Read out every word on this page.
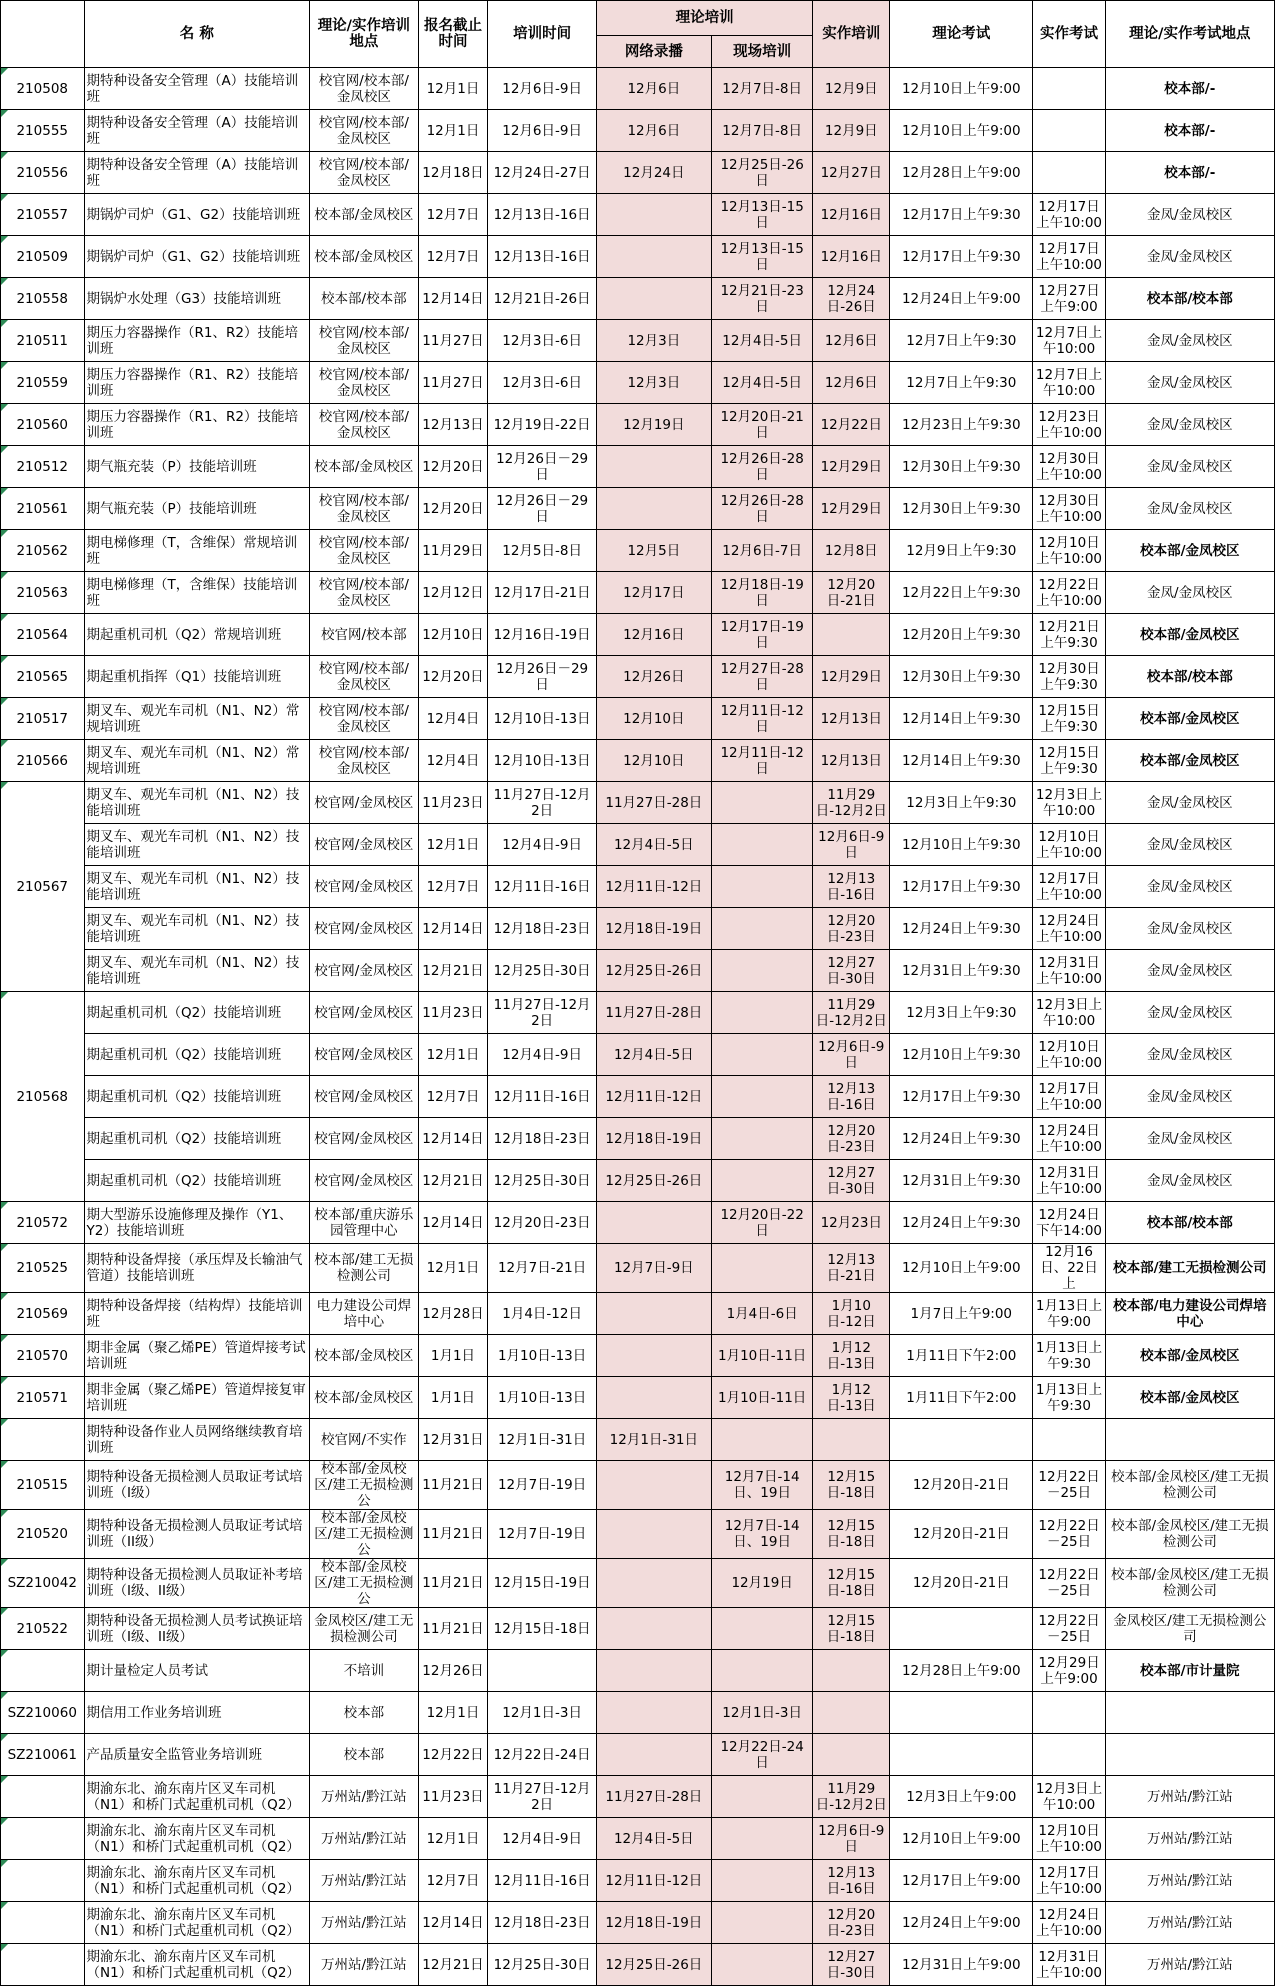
	名 称	理论/实作培训地点	报名截止时间	培训时间	理论培训		实作培训	理论考试	实作考试	理论/实作考试地点
					网络录播	现场培训				
210508	期特种设备安全管理（A）技能培训班	校官网/校本部/金凤校区	12月1日	12月6日-9日	12月6日	12月7日-8日	12月9日	12月10日上午9:00		校本部/-
210555	期特种设备安全管理（A）技能培训班	校官网/校本部/金凤校区	12月1日	12月6日-9日	12月6日	12月7日-8日	12月9日	12月10日上午9:00		校本部/-
210556	期特种设备安全管理（A）技能培训班	校官网/校本部/金凤校区	12月18日	12月24日-27日	12月24日	12月25日-26日	12月27日	12月28日上午9:00		校本部/-
210557	期锅炉司炉（G1、G2）技能培训班	校本部/金凤校区	12月7日	12月13日-16日		12月13日-15日	12月16日	12月17日上午9:30	12月17日上午10:00	金凤/金凤校区
210509	期锅炉司炉（G1、G2）技能培训班	校本部/金凤校区	12月7日	12月13日-16日		12月13日-15日	12月16日	12月17日上午9:30	12月17日上午10:00	金凤/金凤校区
210558	期锅炉水处理（G3）技能培训班	校本部/校本部	12月14日	12月21日-26日		12月21日-23日	12月24日-26日	12月24日上午9:00	12月27日上午9:00	校本部/校本部
210511	期压力容器操作（R1、R2）技能培训班	校官网/校本部/金凤校区	11月27日	12月3日-6日	12月3日	12月4日-5日	12月6日	12月7日上午9:30	12月7日上午10:00	金凤/金凤校区
210559	期压力容器操作（R1、R2）技能培训班	校官网/校本部/金凤校区	11月27日	12月3日-6日	12月3日	12月4日-5日	12月6日	12月7日上午9:30	12月7日上午10:00	金凤/金凤校区
210560	期压力容器操作（R1、R2）技能培训班	校官网/校本部/金凤校区	12月13日	12月19日-22日	12月19日	12月20日-21日	12月22日	12月23日上午9:30	12月23日上午10:00	金凤/金凤校区
210512	期气瓶充装（P）技能培训班	校本部/金凤校区	12月20日	12月26日－29日		12月26日-28日	12月29日	12月30日上午9:30	12月30日上午10:00	金凤/金凤校区
210561	期气瓶充装（P）技能培训班	校官网/校本部/金凤校区	12月20日	12月26日－29日		12月26日-28日	12月29日	12月30日上午9:30	12月30日上午10:00	金凤/金凤校区
210562	期电梯修理（T，含维保）常规培训班	校官网/校本部/金凤校区	11月29日	12月5日-8日	12月5日	12月6日-7日	12月8日	12月9日上午9:30	12月10日上午10:00	校本部/金凤校区
210563	期电梯修理（T，含维保）技能培训班	校官网/校本部/金凤校区	12月12日	12月17日-21日	12月17日	12月18日-19日	12月20日-21日	12月22日上午9:30	12月22日上午10:00	金凤/金凤校区
210564	期起重机司机（Q2）常规培训班	校官网/校本部	12月10日	12月16日-19日	12月16日	12月17日-19日		12月20日上午9:30	12月21日上午9:30	校本部/金凤校区
210565	期起重机指挥（Q1）技能培训班	校官网/校本部/金凤校区	12月20日	12月26日－29日	12月26日	12月27日-28日	12月29日	12月30日上午9:30	12月30日上午9:30	校本部/校本部
210517	期叉车、观光车司机（N1、N2）常规培训班	校官网/校本部/金凤校区	12月4日	12月10日-13日	12月10日	12月11日-12日	12月13日	12月14日上午9:30	12月15日上午9:30	校本部/金凤校区
210566	期叉车、观光车司机（N1、N2）常规培训班	校官网/校本部/金凤校区	12月4日	12月10日-13日	12月10日	12月11日-12日	12月13日	12月14日上午9:30	12月15日上午9:30	校本部/金凤校区
210567	期叉车、观光车司机（N1、N2）技能培训班	校官网/金凤校区	11月23日	11月27日-12月2日	11月27日-28日		11月29日-12月2日	12月3日上午9:30	12月3日上午10:00	金凤/金凤校区
	期叉车、观光车司机（N1、N2）技能培训班	校官网/金凤校区	12月1日	12月4日-9日	12月4日-5日		12月6日-9日	12月10日上午9:30	12月10日上午10:00	金凤/金凤校区
	期叉车、观光车司机（N1、N2）技能培训班	校官网/金凤校区	12月7日	12月11日-16日	12月11日-12日		12月13日-16日	12月17日上午9:30	12月17日上午10:00	金凤/金凤校区
	期叉车、观光车司机（N1、N2）技能培训班	校官网/金凤校区	12月14日	12月18日-23日	12月18日-19日		12月20日-23日	12月24日上午9:30	12月24日上午10:00	金凤/金凤校区
	期叉车、观光车司机（N1、N2）技能培训班	校官网/金凤校区	12月21日	12月25日-30日	12月25日-26日		12月27日-30日	12月31日上午9:30	12月31日上午10:00	金凤/金凤校区
210568	期起重机司机（Q2）技能培训班	校官网/金凤校区	11月23日	11月27日-12月2日	11月27日-28日		11月29日-12月2日	12月3日上午9:30	12月3日上午10:00	金凤/金凤校区
	期起重机司机（Q2）技能培训班	校官网/金凤校区	12月1日	12月4日-9日	12月4日-5日		12月6日-9日	12月10日上午9:30	12月10日上午10:00	金凤/金凤校区
	期起重机司机（Q2）技能培训班	校官网/金凤校区	12月7日	12月11日-16日	12月11日-12日		12月13日-16日	12月17日上午9:30	12月17日上午10:00	金凤/金凤校区
	期起重机司机（Q2）技能培训班	校官网/金凤校区	12月14日	12月18日-23日	12月18日-19日		12月20日-23日	12月24日上午9:30	12月24日上午10:00	金凤/金凤校区
	期起重机司机（Q2）技能培训班	校官网/金凤校区	12月21日	12月25日-30日	12月25日-26日		12月27日-30日	12月31日上午9:30	12月31日上午10:00	金凤/金凤校区
210572	期大型游乐设施修理及操作（Y1、Y2）技能培训班	校本部/重庆游乐园管理中心	12月14日	12月20日-23日		12月20日-22日	12月23日	12月24日上午9:30	12月24日下午14:00	校本部/校本部
210525	期特种设备焊接（承压焊及长输油气管道）技能培训班	校本部/建工无损检测公司	12月1日	12月7日-21日	12月7日-9日		12月13日-21日	12月10日上午9:00	12月16日、22日上	校本部/建工无损检测公司
210569	期特种设备焊接（结构焊）技能培训班	电力建设公司焊培中心	12月28日	1月4日-12日		1月4日-6日	1月10日-12日	1月7日上午9:00	1月13日上午9:00	校本部/电力建设公司焊培中心
210570	期非金属（聚乙烯PE）管道焊接考试培训班	校本部/金凤校区	1月1日	1月10日-13日		1月10日-11日	1月12日-13日	1月11日下午2:00	1月13日上午9:30	校本部/金凤校区
210571	期非金属（聚乙烯PE）管道焊接复审培训班	校本部/金凤校区	1月1日	1月10日-13日		1月10日-11日	1月12日-13日	1月11日下午2:00	1月13日上午9:30	校本部/金凤校区
	期特种设备作业人员网络继续教育培训班	校官网/不实作	12月31日	12月1日-31日	12月1日-31日					
210515	期特种设备无损检测人员取证考试培训班（I级）	校本部/金凤校区/建工无损检测公	11月21日	12月7日-19日		12月7日-14日、19日	12月15日-18日	12月20日-21日	12月22日－25日	校本部/金凤校区/建工无损检测公司
210520	期特种设备无损检测人员取证考试培训班（II级）	校本部/金凤校区/建工无损检测公	11月21日	12月7日-19日		12月7日-14日、19日	12月15日-18日	12月20日-21日	12月22日－25日	校本部/金凤校区/建工无损检测公司
SZ210042	期特种设备无损检测人员取证补考培训班（I级、II级）	校本部/金凤校区/建工无损检测公	11月21日	12月15日-19日		12月19日	12月15日-18日	12月20日-21日	12月22日－25日	校本部/金凤校区/建工无损检测公司
210522	期特种设备无损检测人员考试换证培训班（I级、II级）	金凤校区/建工无损检测公司	11月21日	12月15日-18日			12月15日-18日		12月22日－25日	金凤校区/建工无损检测公司
	期计量检定人员考试	不培训	12月26日					12月28日上午9:00	12月29日上午9:00	校本部/市计量院
SZ210060	期信用工作业务培训班	校本部	12月1日	12月1日-3日		12月1日-3日				
SZ210061	产品质量安全监管业务培训班	校本部	12月22日	12月22日-24日		12月22日-24日				
	期渝东北、渝东南片区叉车司机（N1）和桥门式起重机司机（Q2）	万州站/黔江站	11月23日	11月27日-12月2日	11月27日-28日		11月29日-12月2日	12月3日上午9:00	12月3日上午10:00	万州站/黔江站
	期渝东北、渝东南片区叉车司机（N1）和桥门式起重机司机（Q2）	万州站/黔江站	12月1日	12月4日-9日	12月4日-5日		12月6日-9日	12月10日上午9:00	12月10日上午10:00	万州站/黔江站
	期渝东北、渝东南片区叉车司机（N1）和桥门式起重机司机（Q2）	万州站/黔江站	12月7日	12月11日-16日	12月11日-12日		12月13日-16日	12月17日上午9:00	12月17日上午10:00	万州站/黔江站
	期渝东北、渝东南片区叉车司机（N1）和桥门式起重机司机（Q2）	万州站/黔江站	12月14日	12月18日-23日	12月18日-19日		12月20日-23日	12月24日上午9:00	12月24日上午10:00	万州站/黔江站
	期渝东北、渝东南片区叉车司机（N1）和桥门式起重机司机（Q2）	万州站/黔江站	12月21日	12月25日-30日	12月25日-26日		12月27日-30日	12月31日上午9:00	12月31日上午10:00	万州站/黔江站
